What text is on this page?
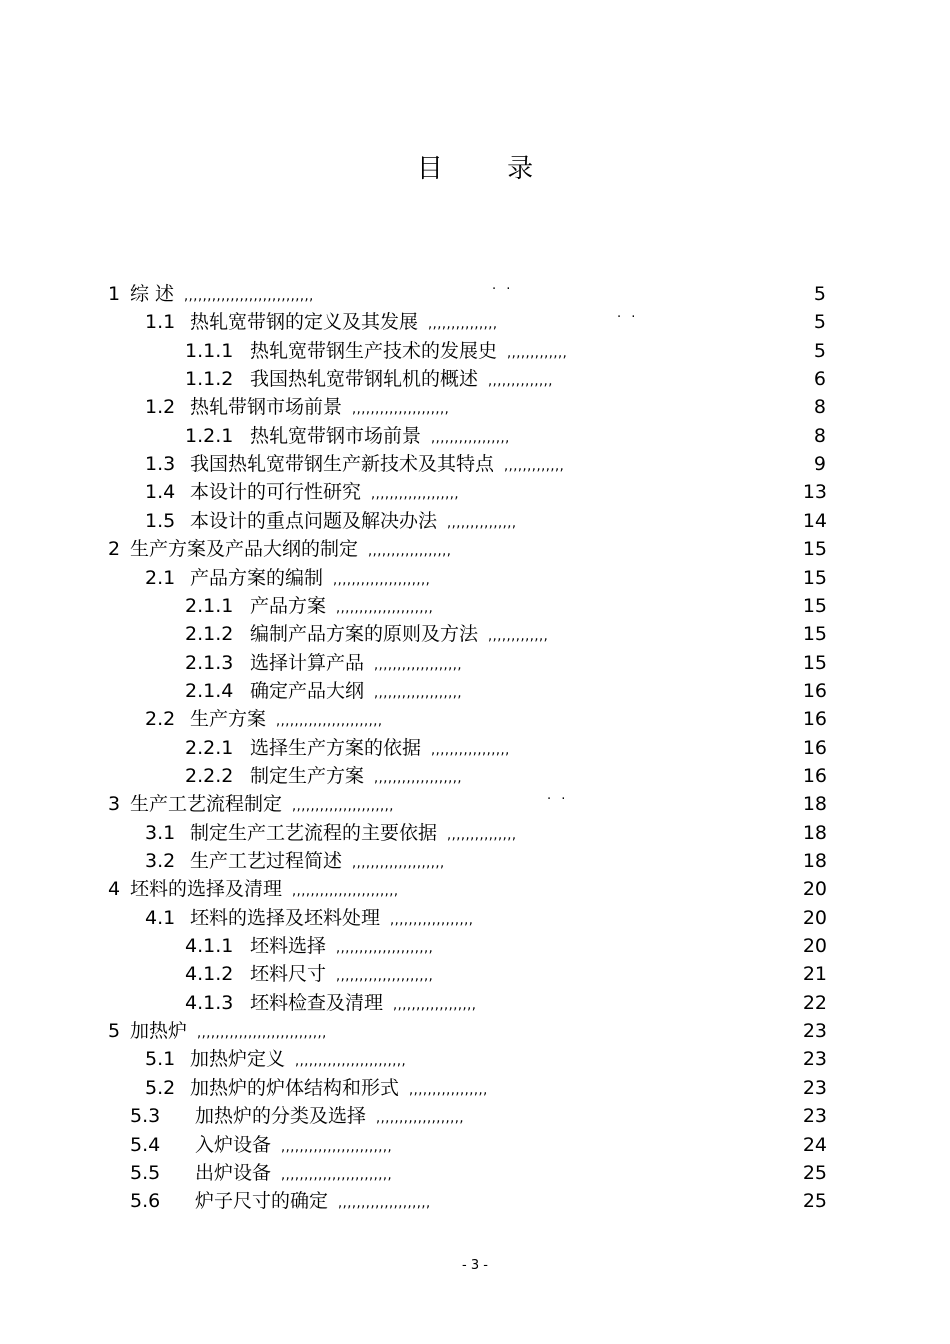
目 录
1 综 述 ,,,,,,,,,,,,,,,,,,,,,,,,,,,,	· ·	5
1.1 热轧宽带钢的定义及其发展 ,,,,,,,,,,,,,,,	· ·	5
1.1.1 热轧宽带钢生产技术的发展史 ,,,,,,,,,,,,,	5
1.1.2 我国热轧宽带钢轧机的概述 ,,,,,,,,,,,,,,	6
1.2 热轧带钢市场前景 ,,,,,,,,,,,,,,,,,,,,,	8
1.2.1 热轧宽带钢市场前景 ,,,,,,,,,,,,,,,,,	8
1.3 我国热轧宽带钢生产新技术及其特点 ,,,,,,,,,,,,,	9
1.4 本设计的可行性研究 ,,,,,,,,,,,,,,,,,,,	13
1.5 本设计的重点问题及解决办法 ,,,,,,,,,,,,,,,	14
2 生产方案及产品大纲的制定 ,,,,,,,,,,,,,,,,,,	15
2.1 产品方案的编制 ,,,,,,,,,,,,,,,,,,,,,	15
2.1.1 产品方案 ,,,,,,,,,,,,,,,,,,,,,	15
2.1.2 编制产品方案的原则及方法 ,,,,,,,,,,,,,	15
2.1.3 选择计算产品 ,,,,,,,,,,,,,,,,,,,	15
2.1.4 确定产品大纲 ,,,,,,,,,,,,,,,,,,,	16
2.2 生产方案 ,,,,,,,,,,,,,,,,,,,,,,,	16
2.2.1 选择生产方案的依据 ,,,,,,,,,,,,,,,,,	16
2.2.2 制定生产方案 ,,,,,,,,,,,,,,,,,,,	16
3 生产工艺流程制定 ,,,,,,,,,,,,,,,,,,,,,,	· ·	18
3.1 制定生产工艺流程的主要依据 ,,,,,,,,,,,,,,,	18
3.2 生产工艺过程简述 ,,,,,,,,,,,,,,,,,,,,	18
4 坯料的选择及清理 ,,,,,,,,,,,,,,,,,,,,,,,	20
4.1 坯料的选择及坯料处理 ,,,,,,,,,,,,,,,,,,	20
4.1.1 坯料选择 ,,,,,,,,,,,,,,,,,,,,,	20
4.1.2 坯料尺寸 ,,,,,,,,,,,,,,,,,,,,,	21
4.1.3 坯料检查及清理 ,,,,,,,,,,,,,,,,,,	22
5 加热炉 ,,,,,,,,,,,,,,,,,,,,,,,,,,,,	23
5.1 加热炉定义 ,,,,,,,,,,,,,,,,,,,,,,,,	23
5.2 加热炉的炉体结构和形式 ,,,,,,,,,,,,,,,,,	23
5.3 加热炉的分类及选择 ,,,,,,,,,,,,,,,,,,,	23
5.4 入炉设备 ,,,,,,,,,,,,,,,,,,,,,,,,	24
5.5 出炉设备 ,,,,,,,,,,,,,,,,,,,,,,,,	25
5.6 炉子尺寸的确定 ,,,,,,,,,,,,,,,,,,,,	25
- 3 -
